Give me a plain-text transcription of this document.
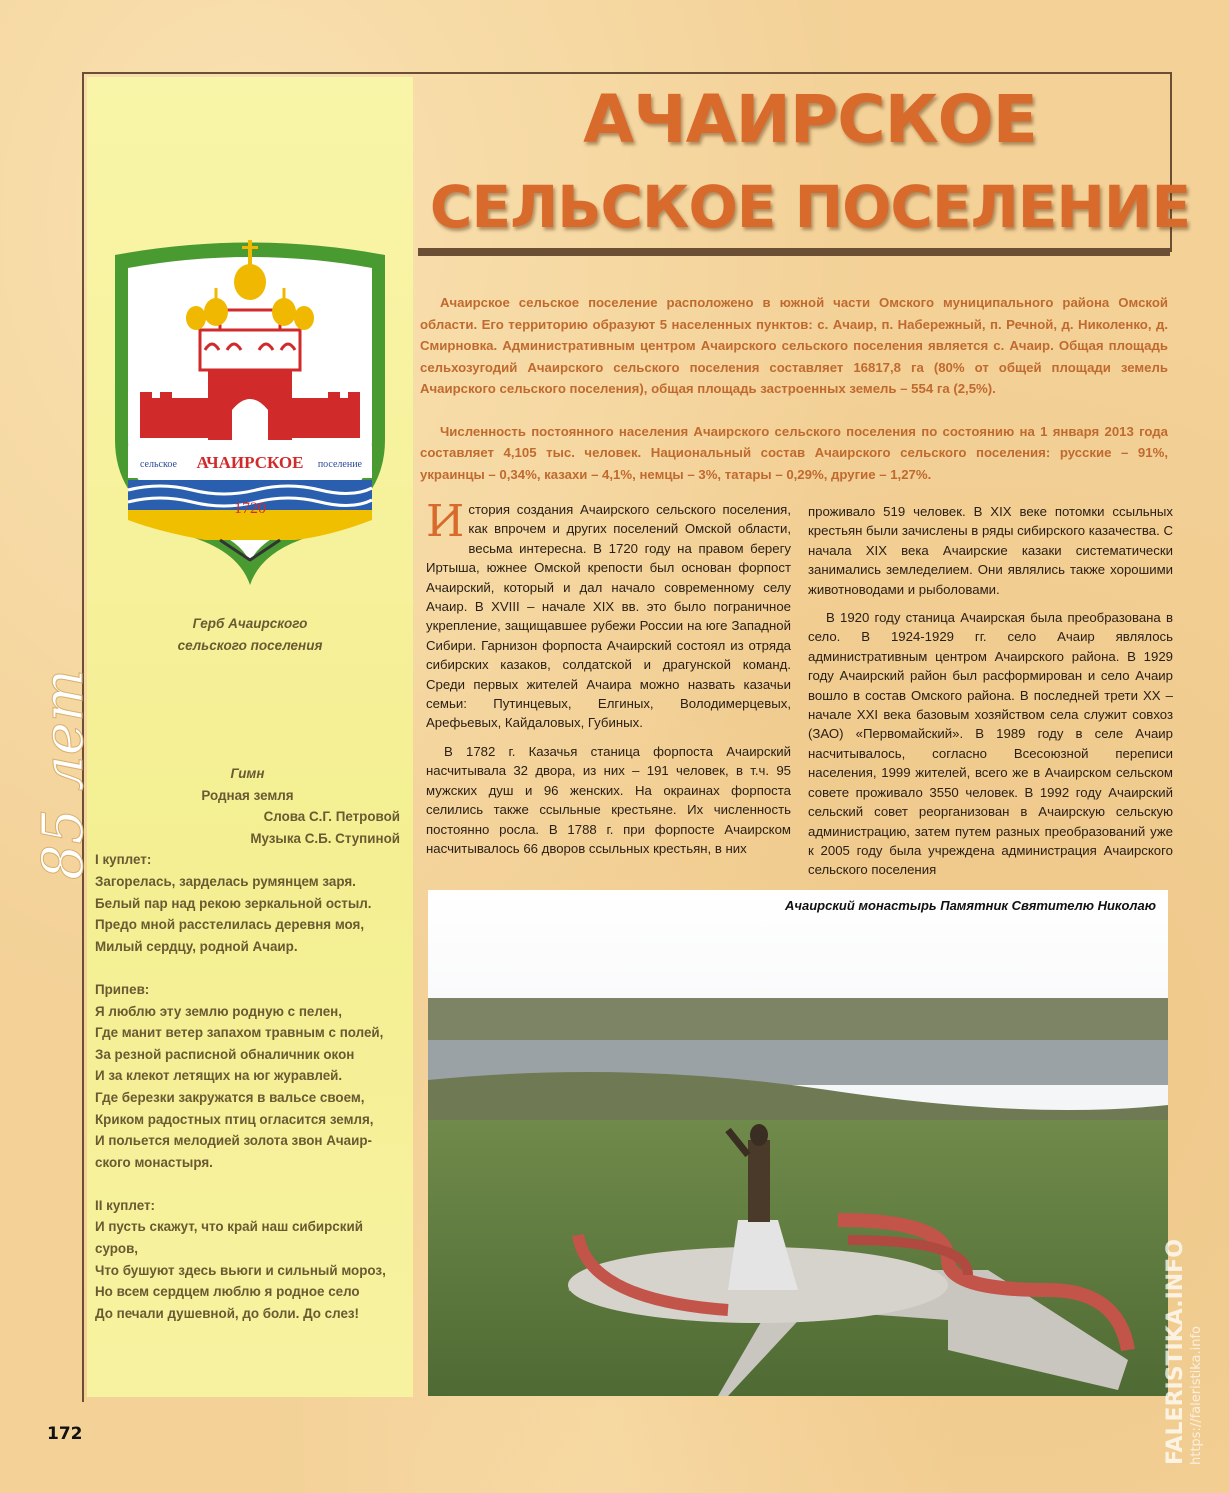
сельское АЧАИРСКОЕ поселение
1720
Герб Ачаирского
сельского поселения
85 лет
АЧАИРСКОЕ
СЕЛЬСКОЕ ПОСЕЛЕНИЕ

Ачаирское сельское поселение расположено в южной части Омского муниципального района Омской области. Его территорию образуют 5 населенных пунктов: с. Ачаир, п. Набережный, п. Речной, д. Николенко, д. Смирновка. Административным центром Ачаирского сельского поселения является с. Ачаир. Общая площадь сельхозугодий Ачаирского сельского поселения составляет 16817,8 га (80% от общей площади земель Ачаирского сельского поселения), общая площадь застроенных земель – 554 га (2,5%).

Численность постоянного населения Ачаирского сельского поселения по состоянию на 1 января 2013 года составляет 4,105 тыс. человек. Национальный состав Ачаирского сельского поселения: русские – 91%, украинцы – 0,34%, казахи – 4,1%, немцы – 3%, татары – 0,29%, другие – 1,27%.

История создания Ачаирского сельского поселения, как впрочем и других поселений Омской области, весьма интересна. В 1720 году на правом берегу Иртыша, южнее Омской крепости был основан форпост Ачаирский, который и дал начало современному селу Ачаир. В XVIII – начале XIX вв. это было пограничное укрепление, защищавшее рубежи России на юге Западной Сибири. Гарнизон форпоста Ачаирский состоял из отряда сибирских казаков, солдатской и драгунской команд. Среди первых жителей Ачаира можно назвать казачьи семьи: Путинцевых, Елгиных, Володимерцевых, Арефьевых, Кайдаловых, Губиных.

В 1782 г. Казачья станица форпоста Ачаирский насчитывала 32 двора, из них – 191 человек, в т.ч. 95 мужских душ и 96 женских. На окраинах форпоста селились также ссыльные крестьяне. Их численность постоянно росла. В 1788 г. при форпосте Ачаирском насчитывалось 66 дворов ссыльных крестьян, в них

проживало 519 человек. В XIX веке потомки ссыльных крестьян были зачислены в ряды сибирского казачества. С начала XIX века Ачаирские казаки систематически занимались земледелием. Они являлись также хорошими животноводами и рыболовами.

В 1920 году станица Ачаирская была преобразована в село. В 1924-1929 гг. село Ачаир являлось административным центром Ачаирского района. В 1929 году Ачаирский район был расформирован и село Ачаир вошло в состав Омского района. В последней трети XX – начале XXI века базовым хозяйством села служит совхоз (ЗАО) «Первомайский». В 1989 году в селе Ачаир насчитывалось, согласно Всесоюзной переписи населения, 1999 жителей, всего же в Ачаирском сельском совете проживало 3550 человек. В 1992 году Ачаирский сельский совет реорганизован в Ачаирскую сельскую администрацию, затем путем разных преобразований уже к 2005 году была учреждена администрация Ачаирского сельского поселения

Гимн
Родная земля
Слова С.Г. Петровой
Музыка С.Б. Ступиной
I куплет:
Загорелась, зарделась румянцем заря.
Белый пар над рекою зеркальной остыл.
Предо мной расстелилась деревня моя,
Милый сердцу, родной Ачаир.
Припев:
Я люблю эту землю родную с пелен,
Где манит ветер запахом травным с полей,
За резной расписной обналичник окон
И за клекот летящих на юг журавлей.
Где березки закружатся в вальсе своем,
Криком радостных птиц огласится земля,
И польется мелодией золота звон Ачаир-
ского монастыря.
II куплет:
И пусть скажут, что край наш сибирский
суров,
Что бушуют здесь вьюги и сильный мороз,
Но всем сердцем люблю я родное село
До печали душевной, до боли. До слез!
Ачаирский монастырь Памятник Святителю Николаю
172	FALERISTIKA.INFO https://faleristika.info
